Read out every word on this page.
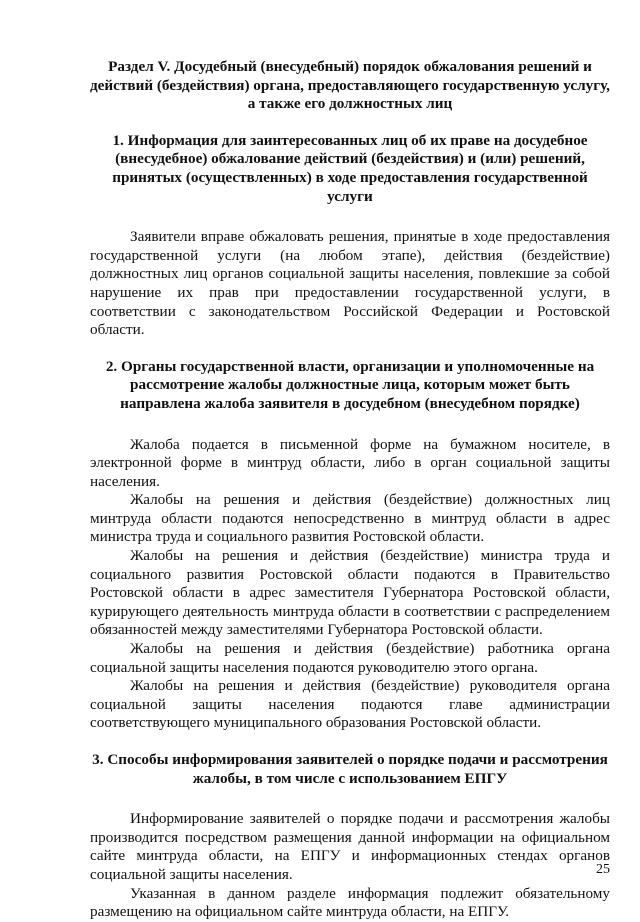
Раздел V. Досудебный (внесудебный) порядок обжалования решений и действий (бездействия) органа, предоставляющего государственную услугу, а также его должностных лиц

1. Информация для заинтересованных лиц об их праве на досудебное (внесудебное) обжалование действий (бездействия) и (или) решений, принятых (осуществленных) в ходе предоставления государственной услуги

Заявители вправе обжаловать решения, принятые в ходе предоставления государственной услуги (на любом этапе), действия (бездействие) должностных лиц органов социальной защиты населения, повлекшие за собой нарушение их прав при предоставлении государственной услуги, в соответствии с законодательством Российской Федерации и Ростовской области.

2. Органы государственной власти, организации и уполномоченные на рассмотрение жалобы должностные лица, которым может быть направлена жалоба заявителя в досудебном (внесудебном порядке)

Жалоба подается в письменной форме на бумажном носителе, в электронной форме в минтруд области, либо в орган социальной защиты населения.

Жалобы на решения и действия (бездействие) должностных лиц минтруда области подаются непосредственно в минтруд области в адрес министра труда и социального развития Ростовской области.

Жалобы на решения и действия (бездействие) министра труда и социального развития Ростовской области подаются в Правительство Ростовской области в адрес заместителя Губернатора Ростовской области, курирующего деятельность минтруда области в соответствии с распределением обязанностей между заместителями Губернатора Ростовской области.

Жалобы на решения и действия (бездействие) работника органа социальной защиты населения подаются руководителю этого органа.

Жалобы на решения и действия (бездействие) руководителя органа социальной защиты населения подаются главе администрации соответствующего муниципального образования Ростовской области.

3. Способы информирования заявителей о порядке подачи и рассмотрения жалобы, в том числе с использованием ЕПГУ

Информирование заявителей о порядке подачи и рассмотрения жалобы производится посредством размещения данной информации на официальном сайте минтруда области, на ЕПГУ и информационных стендах органов социальной защиты населения.

Указанная в данном разделе информация подлежит обязательному размещению на официальном сайте минтруда области, на ЕПГУ.

25
